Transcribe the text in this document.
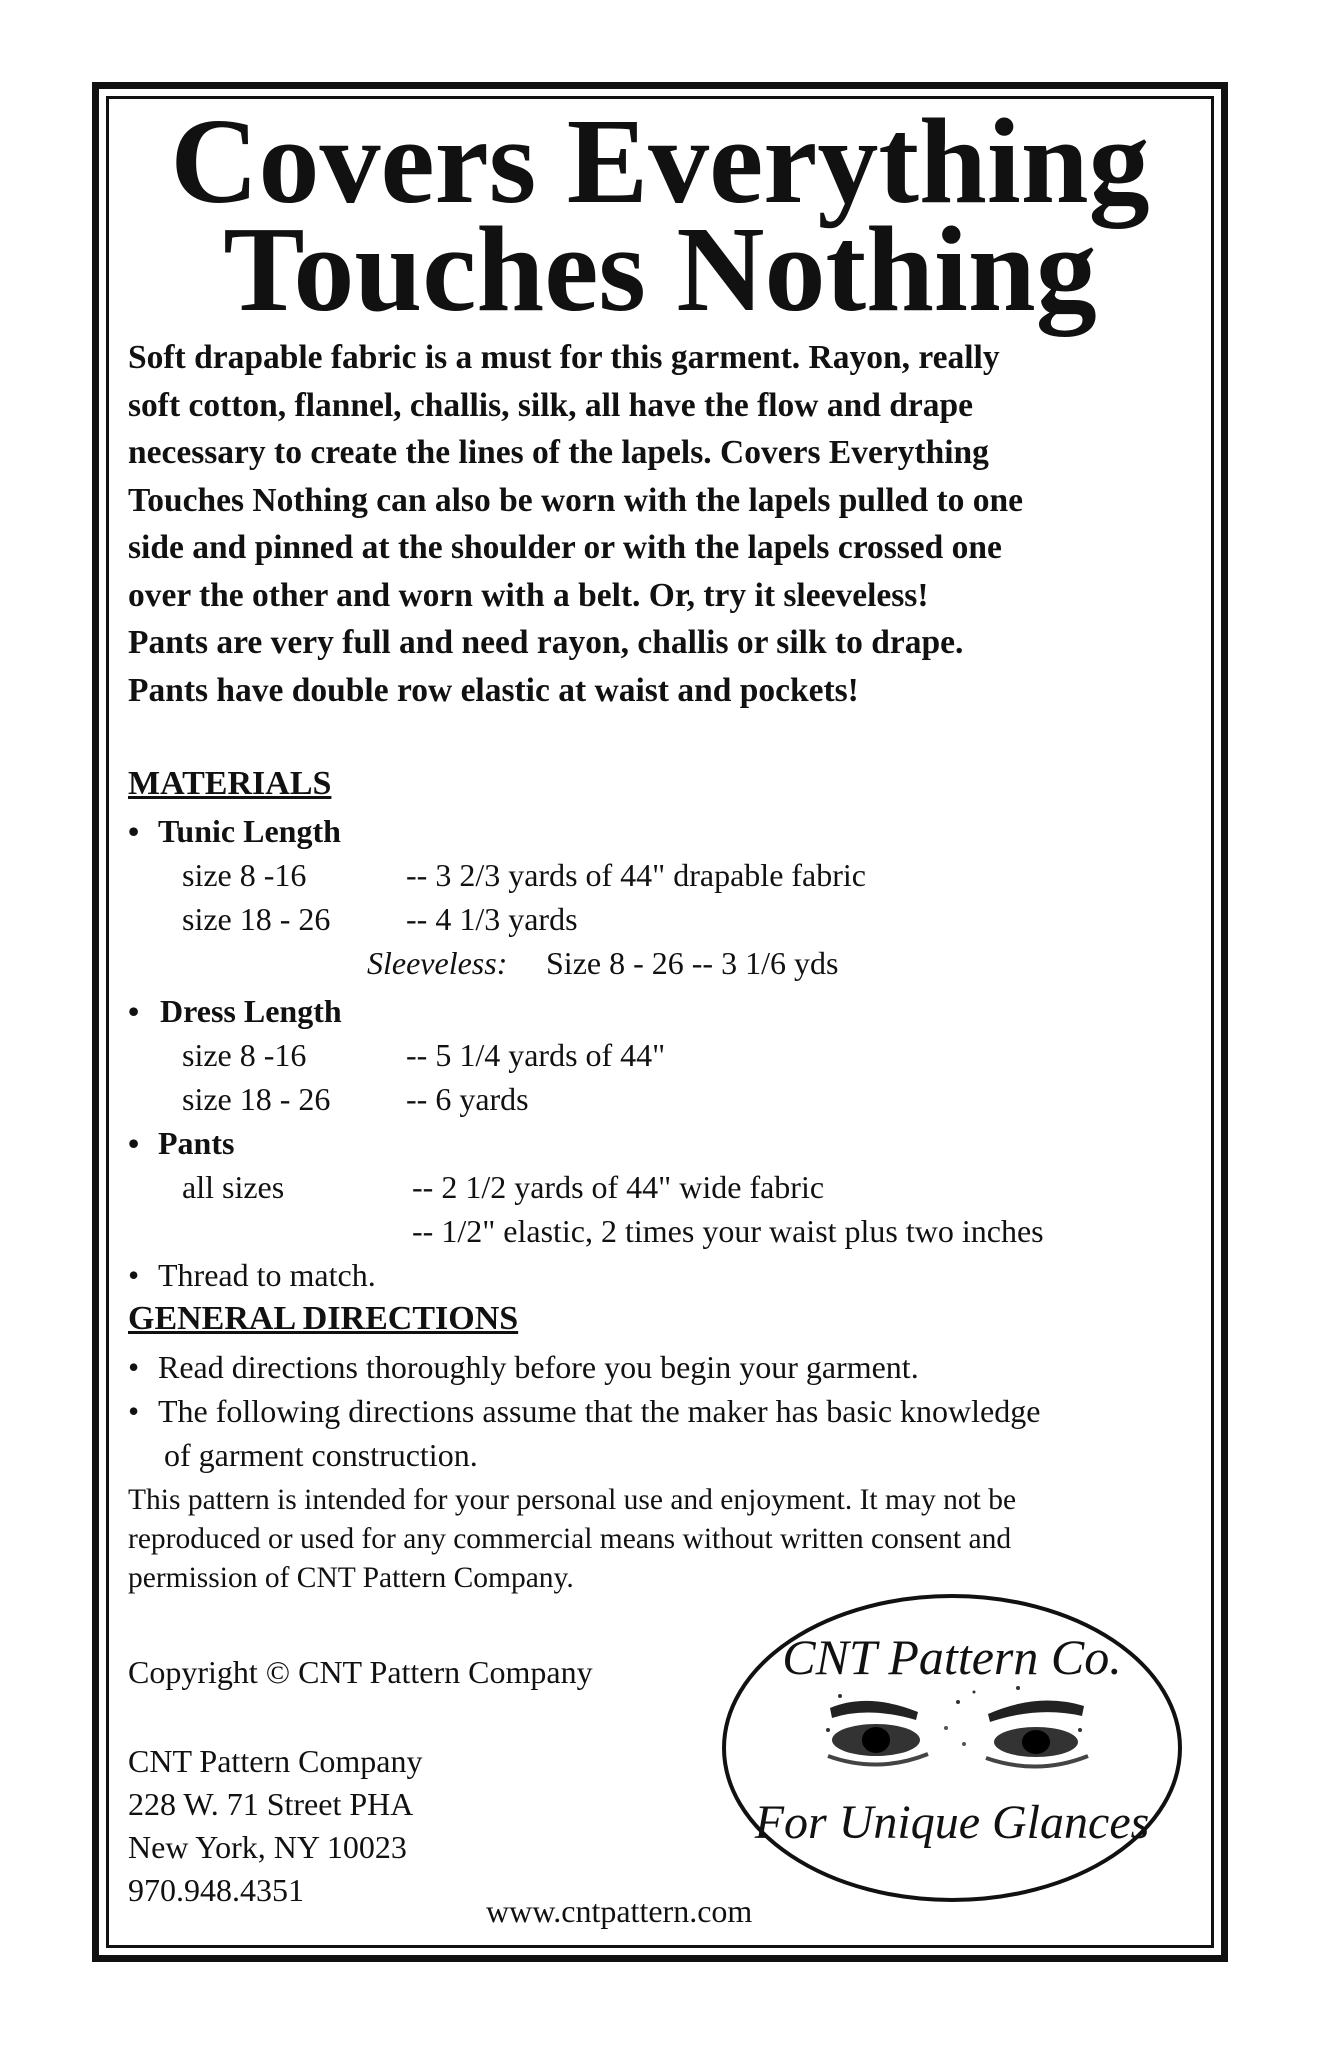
Covers Everything
Touches Nothing
Soft drapable fabric is a must for this garment. Rayon, really
soft cotton, flannel, challis, silk, all have the flow and drape
necessary to create the lines of the lapels. Covers Everything
Touches Nothing can also be worn with the lapels pulled to one
side and pinned at the shoulder or with the lapels crossed one
over the other and worn with a belt. Or, try it sleeveless!
Pants are very full and need rayon, challis or silk to drape.
Pants have double row elastic at waist and pockets!
MATERIALS
• Tunic Length
size 8 -16	-- 3 2/3 yards of 44" drapable fabric
size 18 - 26 -- 4 1/3 yards
Sleeveless: Size 8 - 26 -- 3 1/6 yds
• Dress Length
size 8 -16	-- 5 1/4 yards of 44"
size 18 - 26 -- 6 yards
• Pants
all sizes	-- 2 1/2 yards of 44" wide fabric
-- 1/2" elastic, 2 times your waist plus two inches
• Thread to match.
GENERAL DIRECTIONS
• Read directions thoroughly before you begin your garment.
• The following directions assume that the maker has basic knowledge
of garment construction.
This pattern is intended for your personal use and enjoyment. It may not be
reproduced or used for any commercial means without written consent and
permission of CNT Pattern Company.
Copyright © CNT Pattern Company
CNT Pattern Company
228 W. 71 Street PHA
New York, NY 10023
970.948.4351
www.cntpattern.com
CNT Pattern Co.
For Unique Glances
